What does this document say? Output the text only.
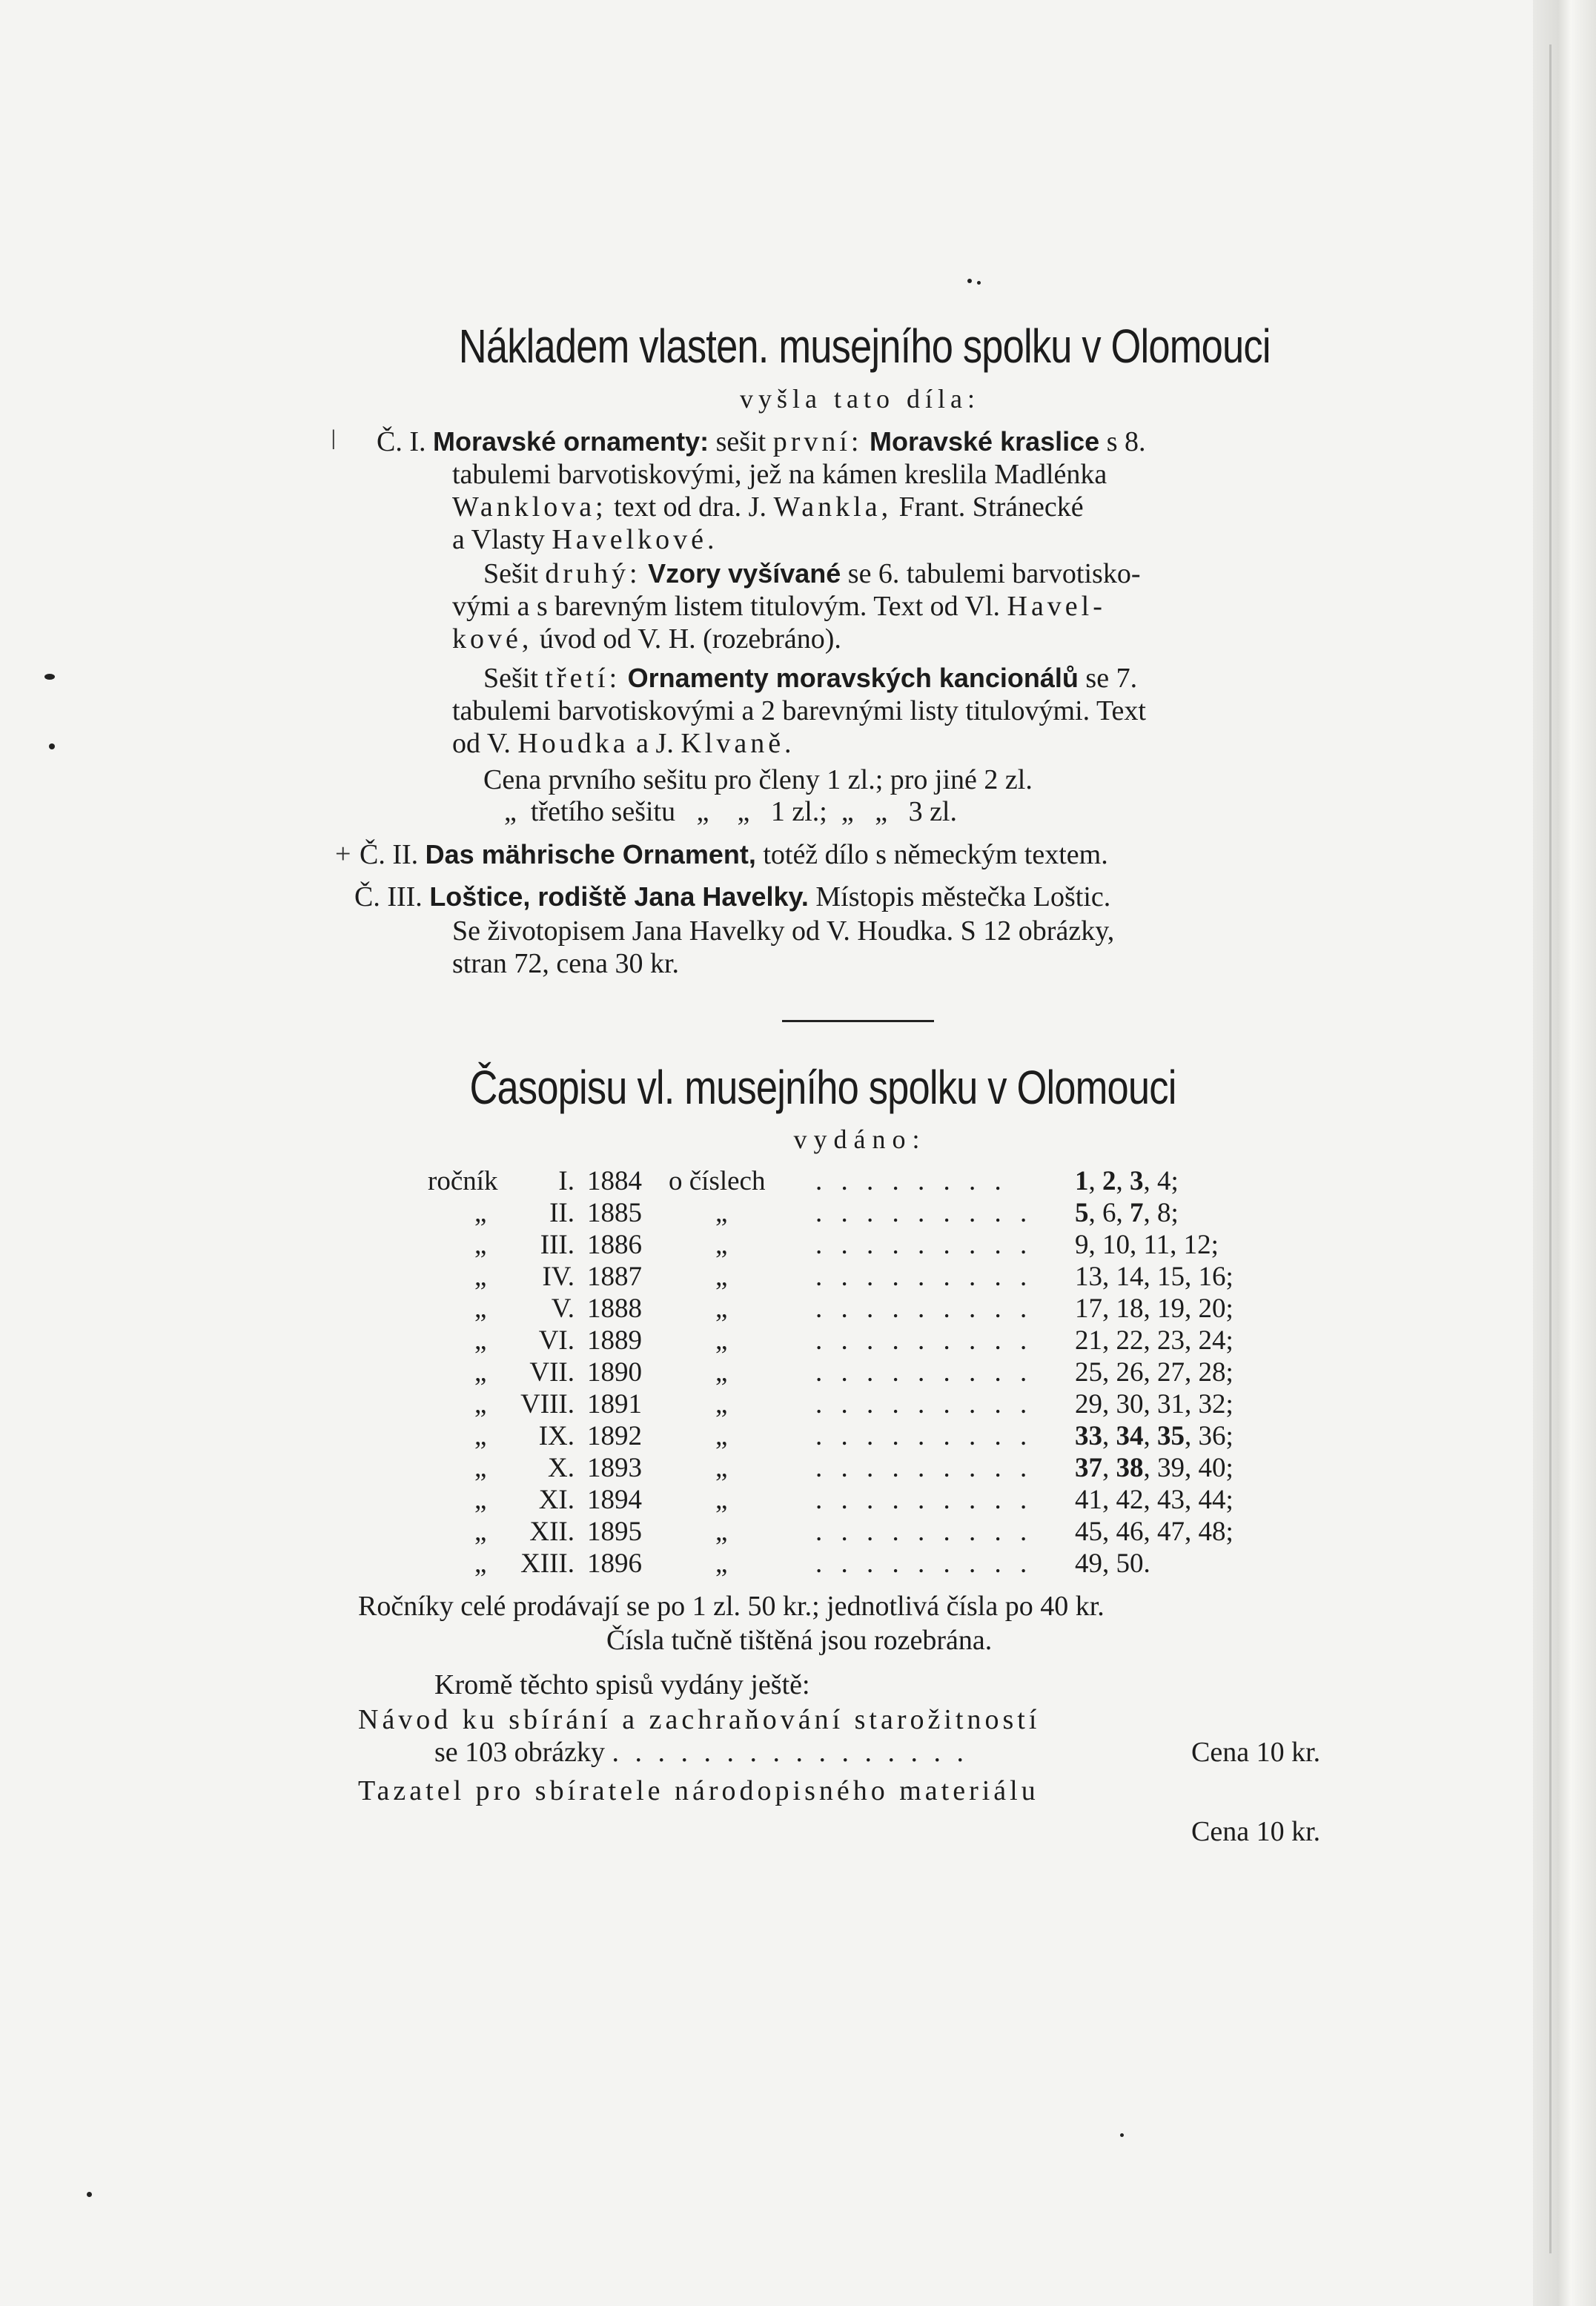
Nákladem vlasten. musejního spolku v Olomouci
vyšla tato díla:
ǀ Č. I. Moravské ornamenty: sešit první: Moravské kraslice s 8.
tabulemi barvotiskovými, jež na kámen kreslila Madlénka
Wanklova; text od dra. J. Wankla, Frant. Stránecké
a Vlasty Havelkové.
Sešit druhý: Vzory vyšívané se 6. tabulemi barvotisko-
vými a s barevným listem titulovým. Text od Vl. Havel-
kové, úvod od V. H. (rozebráno).
Sešit třetí: Ornamenty moravských kancionálů se 7.
tabulemi barvotiskovými a 2 barevnými listy titulovými. Text
od V. Houdka a J. Klvaně.
Cena prvního sešitu pro členy 1 zl.; pro jiné 2 zl.
„  třetího sešitu   „    „   1 zl.;  „   „   3 zl.
+ Č. II. Das mährische Ornament, totéž dílo s německým textem.
Č. III. Loštice, rodiště Jana Havelky. Místopis městečka Loštic.
Se životopisem Jana Havelky od V. Houdka. S 12 obrázky,
stran 72, cena 30 kr.
Časopisu vl. musejního spolku v Olomouci
vydáno:
ročník	I. 1884 o číslech . . . . . . . . 1, 2, 3, 4;
„	II. 1885	„	. . . . . . . . . 5, 6, 7, 8;
„	III. 1886	„	. . . . . . . . . 9, 10, 11, 12;
„	IV. 1887	„	. . . . . . . . . 13, 14, 15, 16;
„	V. 1888	„	. . . . . . . . . 17, 18, 19, 20;
„	VI. 1889	„	. . . . . . . . . 21, 22, 23, 24;
„	VII. 1890	„	. . . . . . . . . 25, 26, 27, 28;
„	VIII. 1891	„	. . . . . . . . . 29, 30, 31, 32;
„	IX. 1892	„	. . . . . . . . . 33, 34, 35, 36;
„	X. 1893	„	. . . . . . . . . 37, 38, 39, 40;
„	XI. 1894	„	. . . . . . . . . 41, 42, 43, 44;
„	XII. 1895	„	. . . . . . . . . 45, 46, 47, 48;
„	XIII. 1896	„	. . . . . . . . . 49, 50.
Ročníky celé prodávají se po 1 zl. 50 kr.; jednotlivá čísla po 40 kr.
Čísla tučně tištěná jsou rozebrána.
Kromě těchto spisů vydány ještě:
Návod ku sbírání a zachraňování starožitností
se 103 obrázky . . . . . . . . . . . . . . . .	Cena 10 kr.
Tazatel pro sbíratele národopisného materiálu
Cena 10 kr.
